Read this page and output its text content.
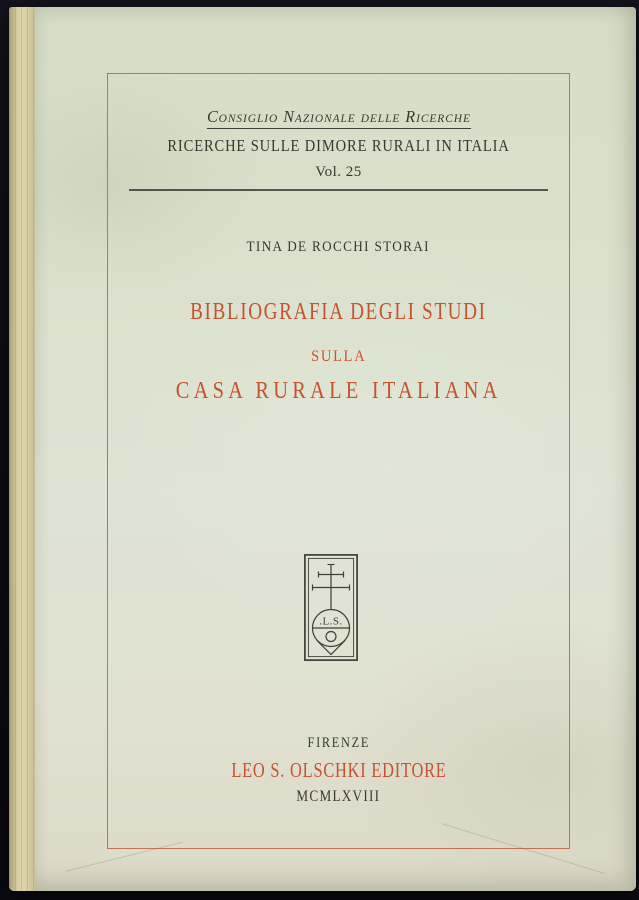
Consiglio Nazionale delle Ricerche
RICERCHE SULLE DIMORE RURALI IN ITALIA
Vol. 25
TINA DE ROCCHI STORAI
BIBLIOGRAFIA DEGLI STUDI
SULLA
CASA RURALE ITALIANA
.L.S.
FIRENZE
LEO S. OLSCHKI EDITORE
MCMLXVIII
